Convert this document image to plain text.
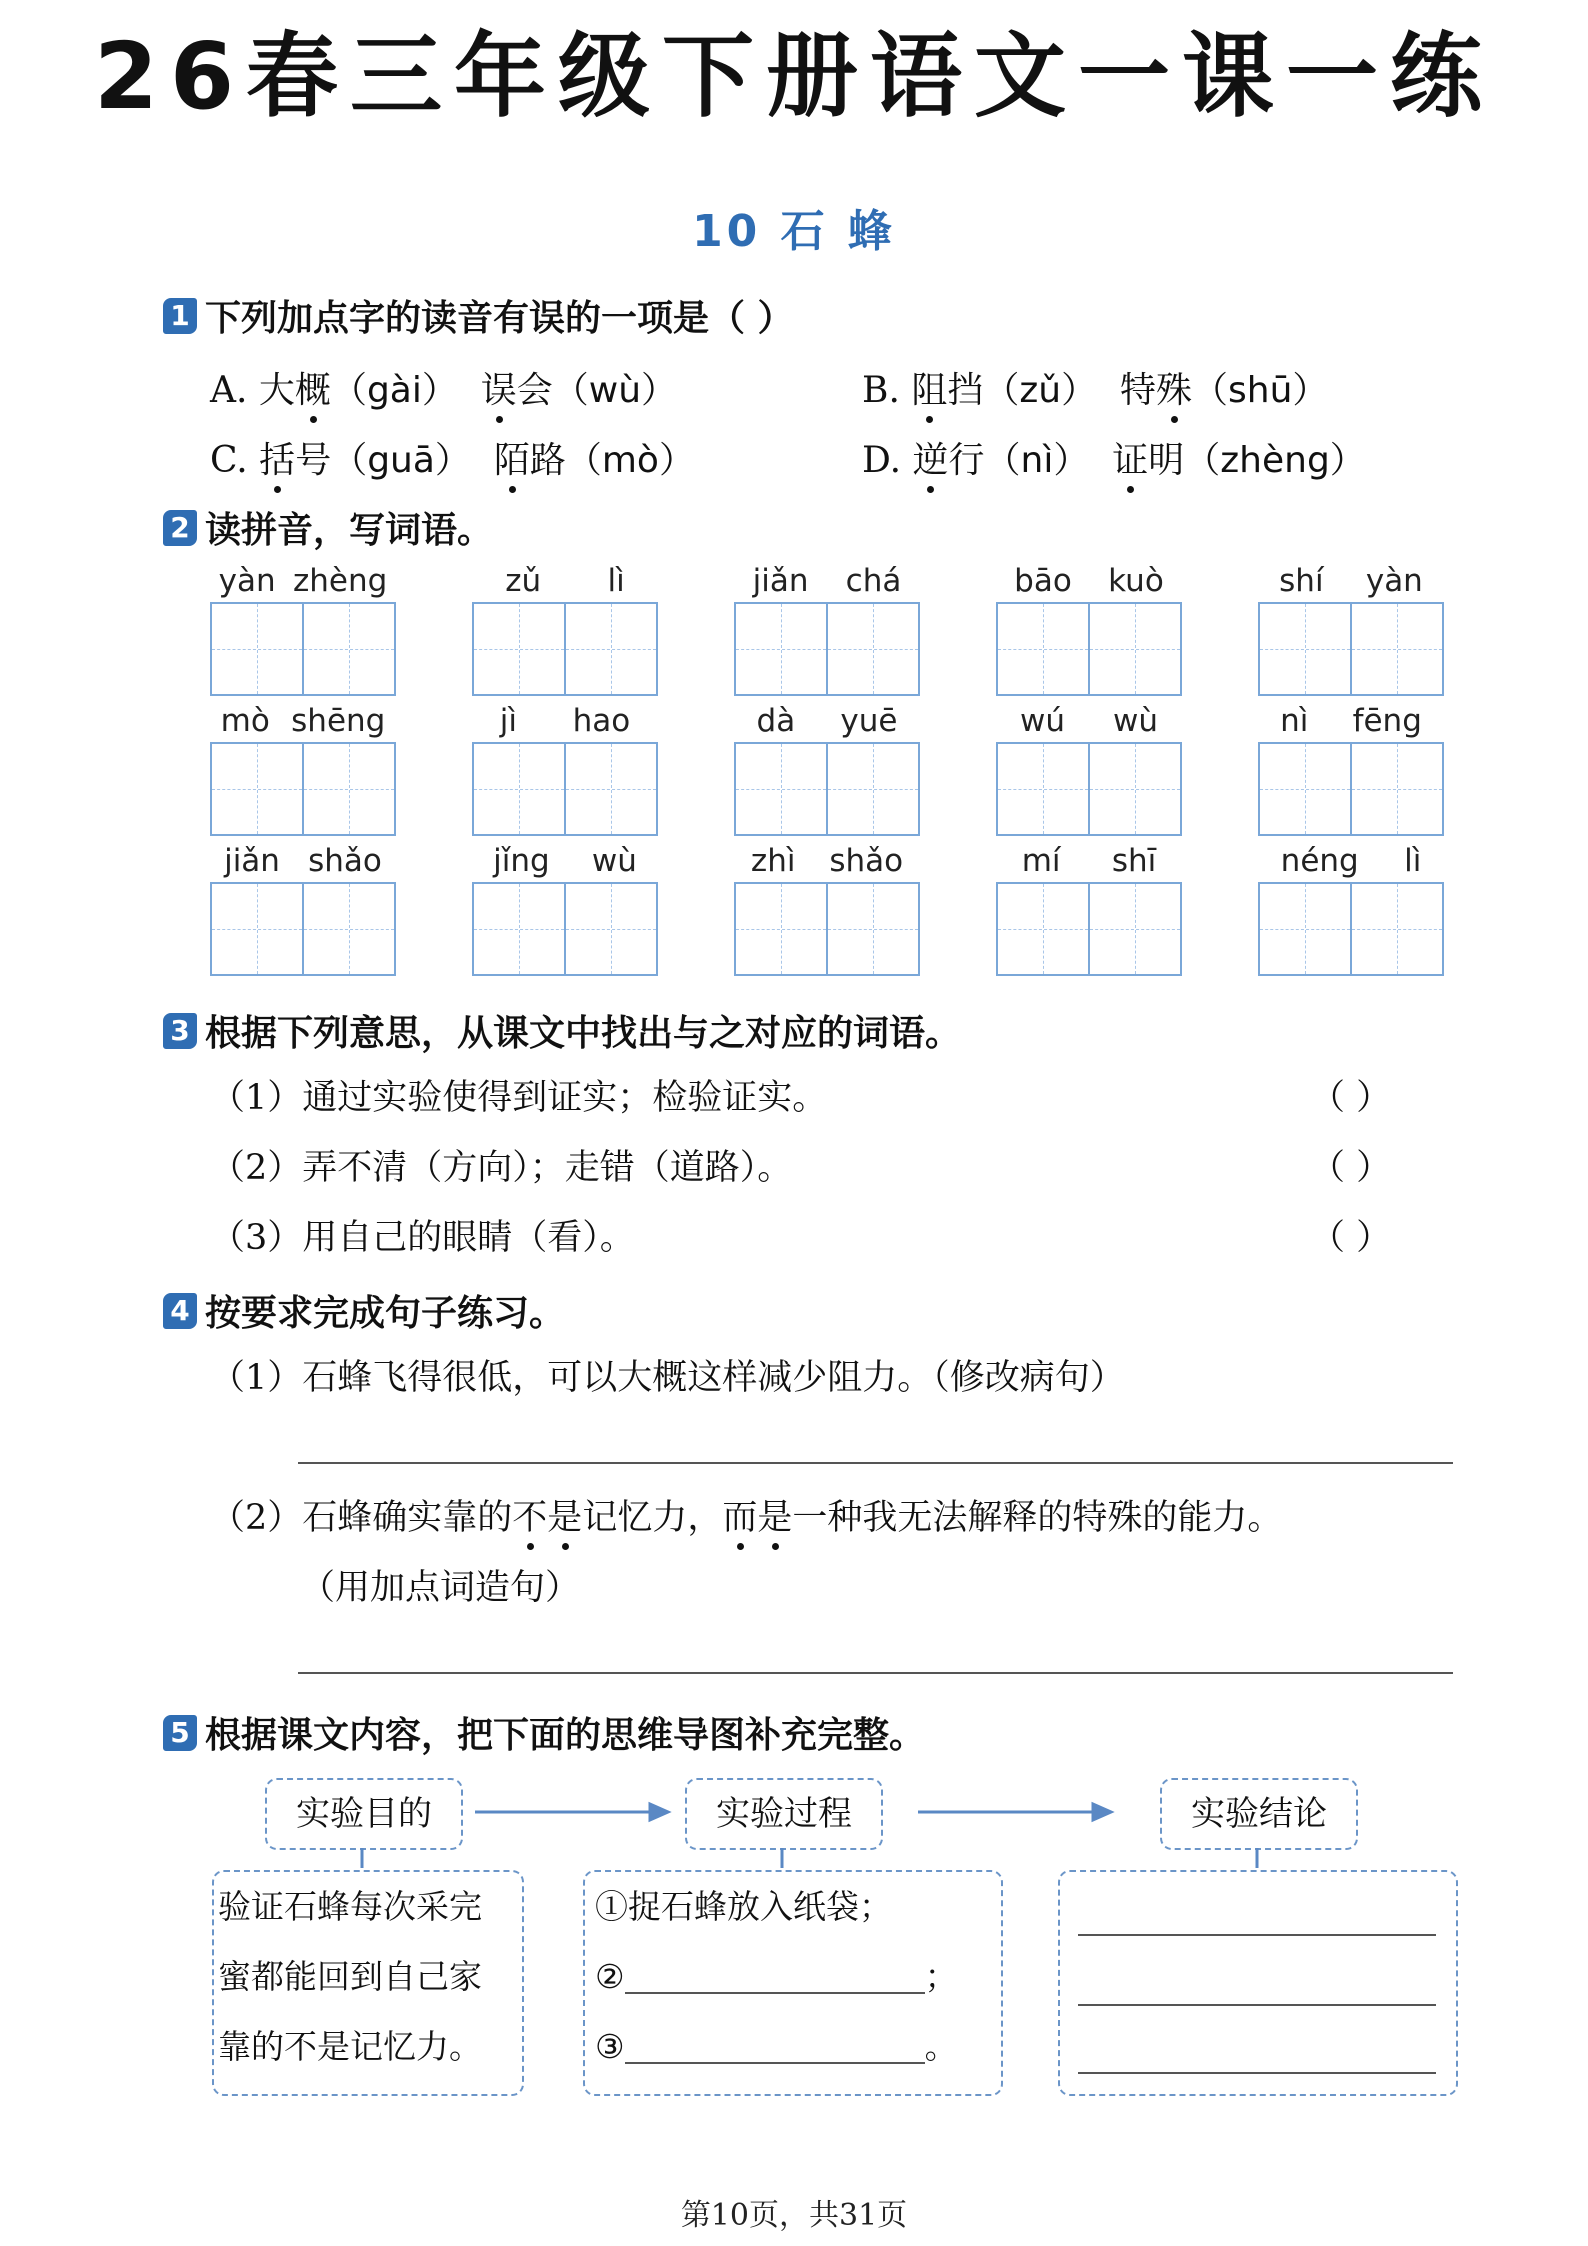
26春三年级下册语文一课一练
10 石 蜂
1 下列加点字的读音有误的一项是（ ）
A. 大概（gài） 误会（wù）	B. 阻挡（zǔ） 特殊（shū）
C. 括号（guā） 陌路（mò）	D. 逆行（nì） 证明（zhèng）
2 读拼音，写词语。
yàn zhèng	zǔ lì	jiǎn chá	bāo kuò	shí yàn
mò shēng	jì hao	dà yuē	wú wù	nì fēng
jiǎn shǎo	jǐng wù	zhì shǎo	mí shī	néng lì
3 根据下列意思，从课文中找出与之对应的词语。
（1）通过实验使得到证实；检验证实。	（ ）
（2）弄不清（方向）；走错（道路）。	（ ）
（3）用自己的眼睛（看）。	（ ）
4 按要求完成句子练习。
（1）石蜂飞得很低，可以大概这样减少阻力。（修改病句）
（2）石蜂确实靠的不是记忆力，而是一种我无法解释的特殊的能力。
（用加点词造句）
5 根据课文内容，把下面的思维导图补充完整。
实验目的	实验过程	实验结论
验证石蜂每次采完
蜜都能回到自己家
靠的不是记忆力。
①捉石蜂放入纸袋；
②	；
③	。
第10页，共31页
